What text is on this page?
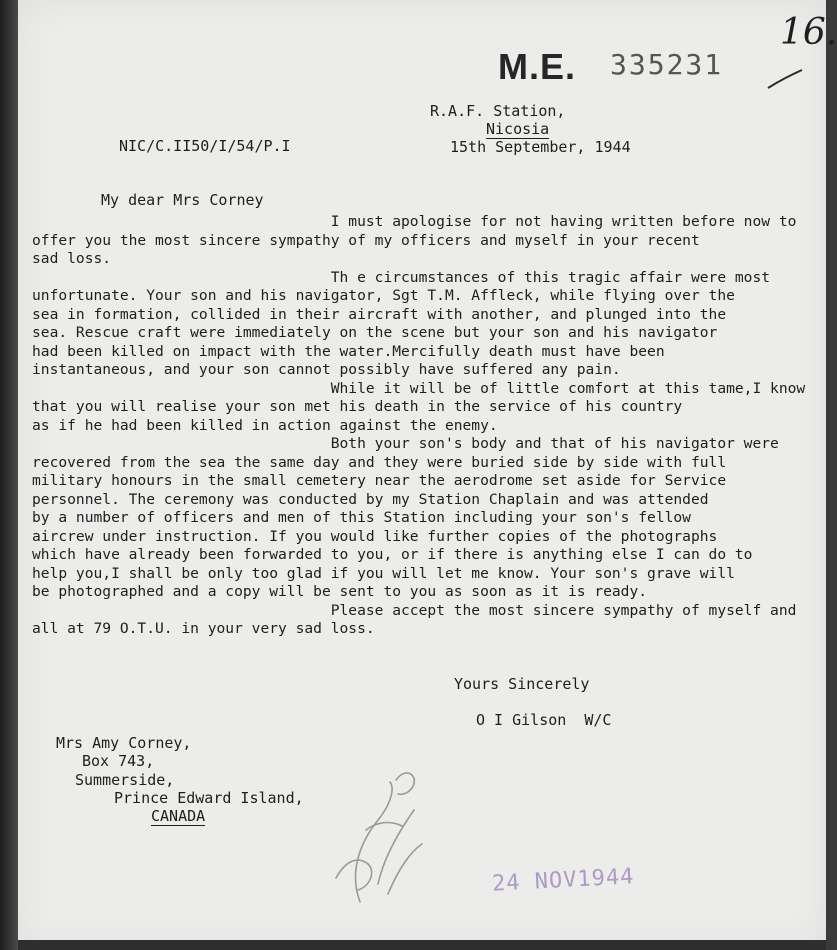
16.
M.E. 335231

R.A.F. Station,

Nicosia

NIC/C.II50/I/54/P.I	15th September, 1944

My dear Mrs Corney

I must apologise for not having written before now to

offer you the most sincere sympathy of my officers and myself in your recent

sad loss.

Th e circumstances of this tragic affair were most

unfortunate. Your son and his navigator, Sgt T.M. Affleck, while flying over the

sea in formation, collided in their aircraft with another, and plunged into the

sea. Rescue craft were immediately on the scene but your son and his navigator

had been killed on impact with the water.Mercifully death must have been

instantaneous, and your son cannot possibly have suffered any pain.

While it will be of little comfort at this tame,I know

that you will realise your son met his death in the service of his country

as if he had been killed in action against the enemy.

Both your son's body and that of his navigator were

recovered from the sea the same day and they were buried side by side with full

military honours in the small cemetery near the aerodrome set aside for Service

personnel. The ceremony was conducted by my Station Chaplain and was attended

by a number of officers and men of this Station including your son's fellow

aircrew under instruction. If you would like further copies of the photographs

which have already been forwarded to you, or if there is anything else I can do to

help you,I shall be only too glad if you will let me know. Your son's grave will

be photographed and a copy will be sent to you as soon as it is ready.

Please accept the most sincere sympathy of myself and

all at 79 O.T.U. in your very sad loss.

Yours Sincerely

O I Gilson  W/C

Mrs Amy Corney,

Box 743,

Summerside,

Prince Edward Island,

CANADA

24 NOV1944
